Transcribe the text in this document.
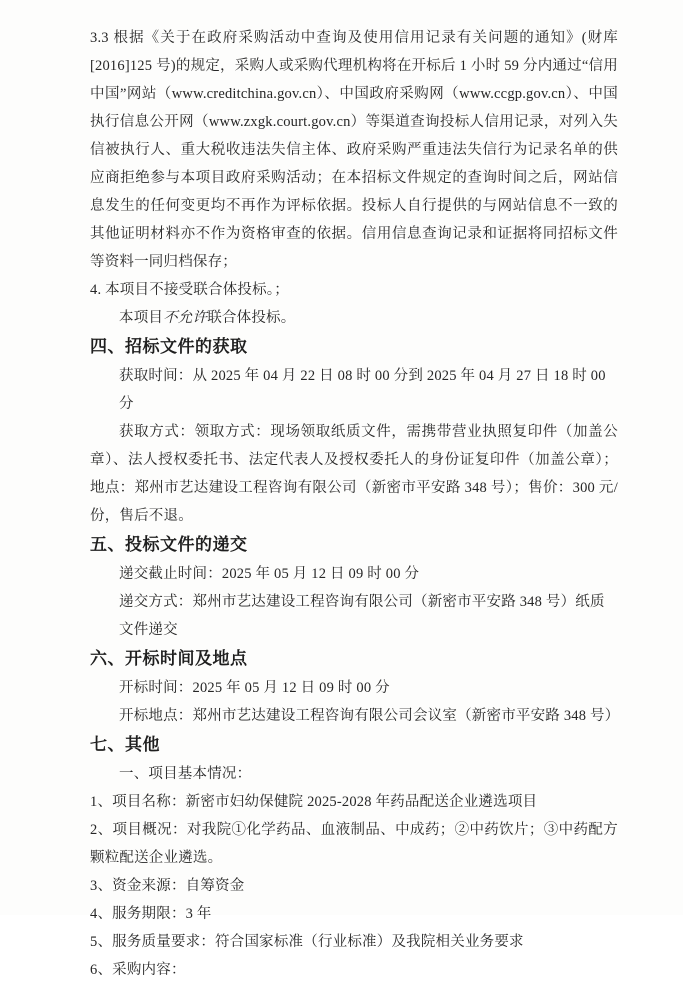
3.3 根据《关于在政府采购活动中查询及使用信用记录有关问题的通知》(财库[2016]125 号)的规定，采购人或采购代理机构将在开标后 1 小时 59 分内通过“信用中国”网站（www.creditchina.gov.cn）、中国政府采购网（www.ccgp.gov.cn）、中国执行信息公开网（www.zxgk.court.gov.cn）等渠道查询投标人信用记录，对列入失信被执行人、重大税收违法失信主体、政府采购严重违法失信行为记录名单的供应商拒绝参与本项目政府采购活动；在本招标文件规定的查询时间之后，网站信息发生的任何变更均不再作为评标依据。投标人自行提供的与网站信息不一致的其他证明材料亦不作为资格审查的依据。信用信息查询记录和证据将同招标文件等资料一同归档保存；

4. 本项目不接受联合体投标。；

本项目不允许联合体投标。

四、招标文件的获取

获取时间：从 2025 年 04 月 22 日 08 时 00 分到 2025 年 04 月 27 日 18 时 00 分

获取方式：领取方式：现场领取纸质文件，需携带营业执照复印件（加盖公章）、法人授权委托书、法定代表人及授权委托人的身份证复印件（加盖公章）；地点：郑州市艺达建设工程咨询有限公司（新密市平安路 348 号）；售价：300 元/份，售后不退。

五、投标文件的递交

递交截止时间：2025 年 05 月 12 日 09 时 00 分

递交方式：郑州市艺达建设工程咨询有限公司（新密市平安路 348 号）纸质文件递交

六、开标时间及地点

开标时间：2025 年 05 月 12 日 09 时 00 分

开标地点：郑州市艺达建设工程咨询有限公司会议室（新密市平安路 348 号）

七、其他

一、项目基本情况：

1、项目名称：新密市妇幼保健院 2025-2028 年药品配送企业遴选项目

2、项目概况：对我院①化学药品、血液制品、中成药；②中药饮片；③中药配方颗粒配送企业遴选。

3、资金来源：自筹资金

4、服务期限：3 年

5、服务质量要求：符合国家标准（行业标准）及我院相关业务要求

6、采购内容：
